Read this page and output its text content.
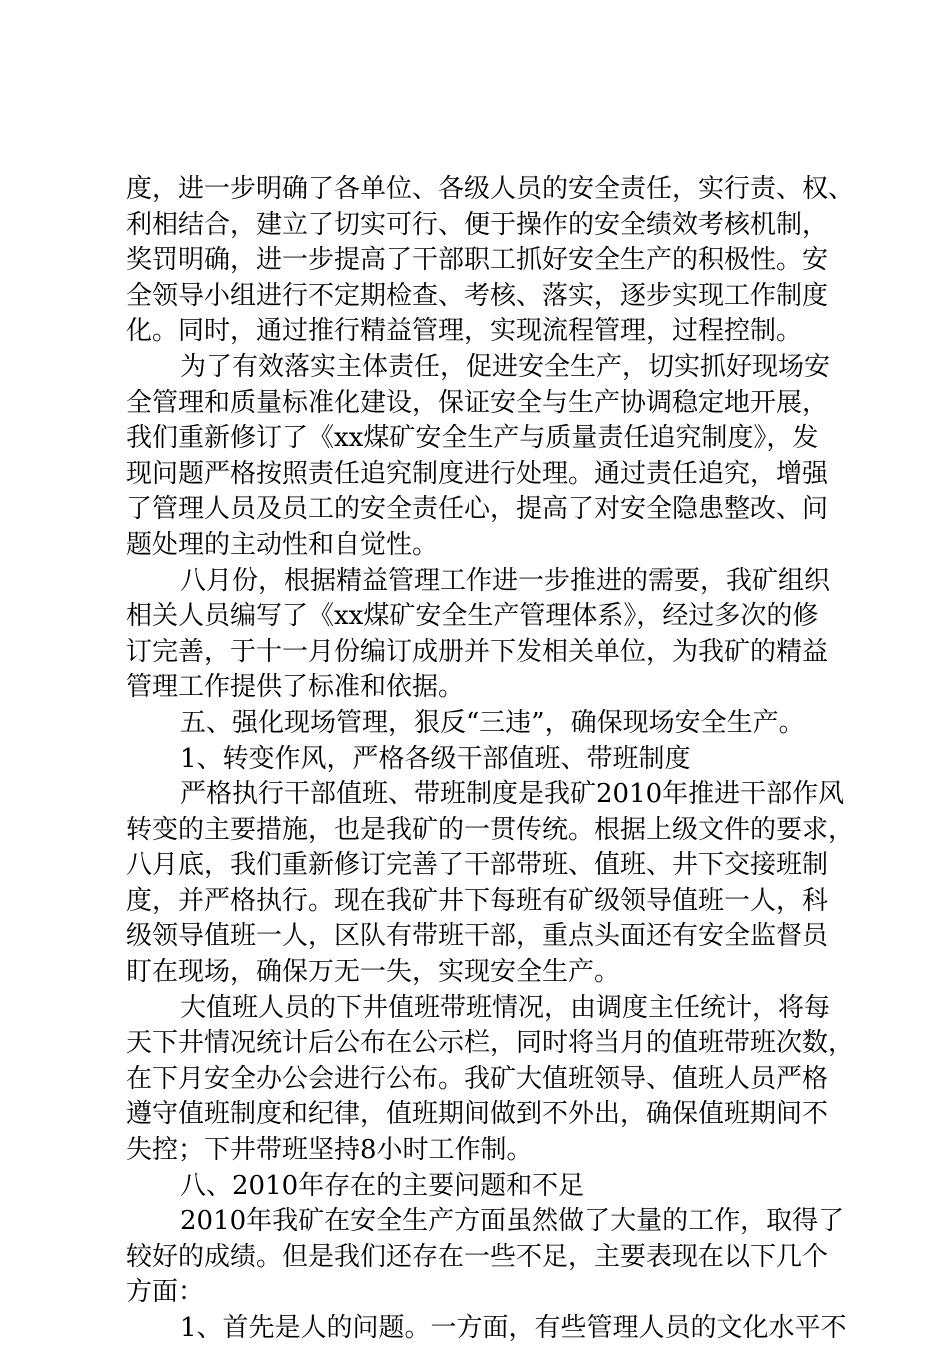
度，进一步明确了各单位、各级人员的安全责任，实行责、权、
利相结合，建立了切实可行、便于操作的安全绩效考核机制，
奖罚明确，进一步提高了干部职工抓好安全生产的积极性。安
全领导小组进行不定期检查、考核、落实，逐步实现工作制度
化。同时，通过推行精益管理，实现流程管理，过程控制。
为了有效落实主体责任，促进安全生产，切实抓好现场安
全管理和质量标准化建设，保证安全与生产协调稳定地开展，
我们重新修订了《xx煤矿安全生产与质量责任追究制度》，发
现问题严格按照责任追究制度进行处理。通过责任追究，增强
了管理人员及员工的安全责任心，提高了对安全隐患整改、问
题处理的主动性和自觉性。
八月份，根据精益管理工作进一步推进的需要，我矿组织
相关人员编写了《xx煤矿安全生产管理体系》，经过多次的修
订完善，于十一月份编订成册并下发相关单位，为我矿的精益
管理工作提供了标准和依据。
五、强化现场管理，狠反“三违”，确保现场安全生产。
1、转变作风，严格各级干部值班、带班制度
严格执行干部值班、带班制度是我矿2010年推进干部作风
转变的主要措施，也是我矿的一贯传统。根据上级文件的要求，
八月底，我们重新修订完善了干部带班、值班、井下交接班制
度，并严格执行。现在我矿井下每班有矿级领导值班一人，科
级领导值班一人，区队有带班干部，重点头面还有安全监督员
盯在现场，确保万无一失，实现安全生产。
大值班人员的下井值班带班情况，由调度主任统计，将每
天下井情况统计后公布在公示栏，同时将当月的值班带班次数，
在下月安全办公会进行公布。我矿大值班领导、值班人员严格
遵守值班制度和纪律，值班期间做到不外出，确保值班期间不
失控；下井带班坚持8小时工作制。
八、2010年存在的主要问题和不足
2010年我矿在安全生产方面虽然做了大量的工作，取得了
较好的成绩。但是我们还存在一些不足，主要表现在以下几个
方面：
1、首先是人的问题。一方面，有些管理人员的文化水平不
